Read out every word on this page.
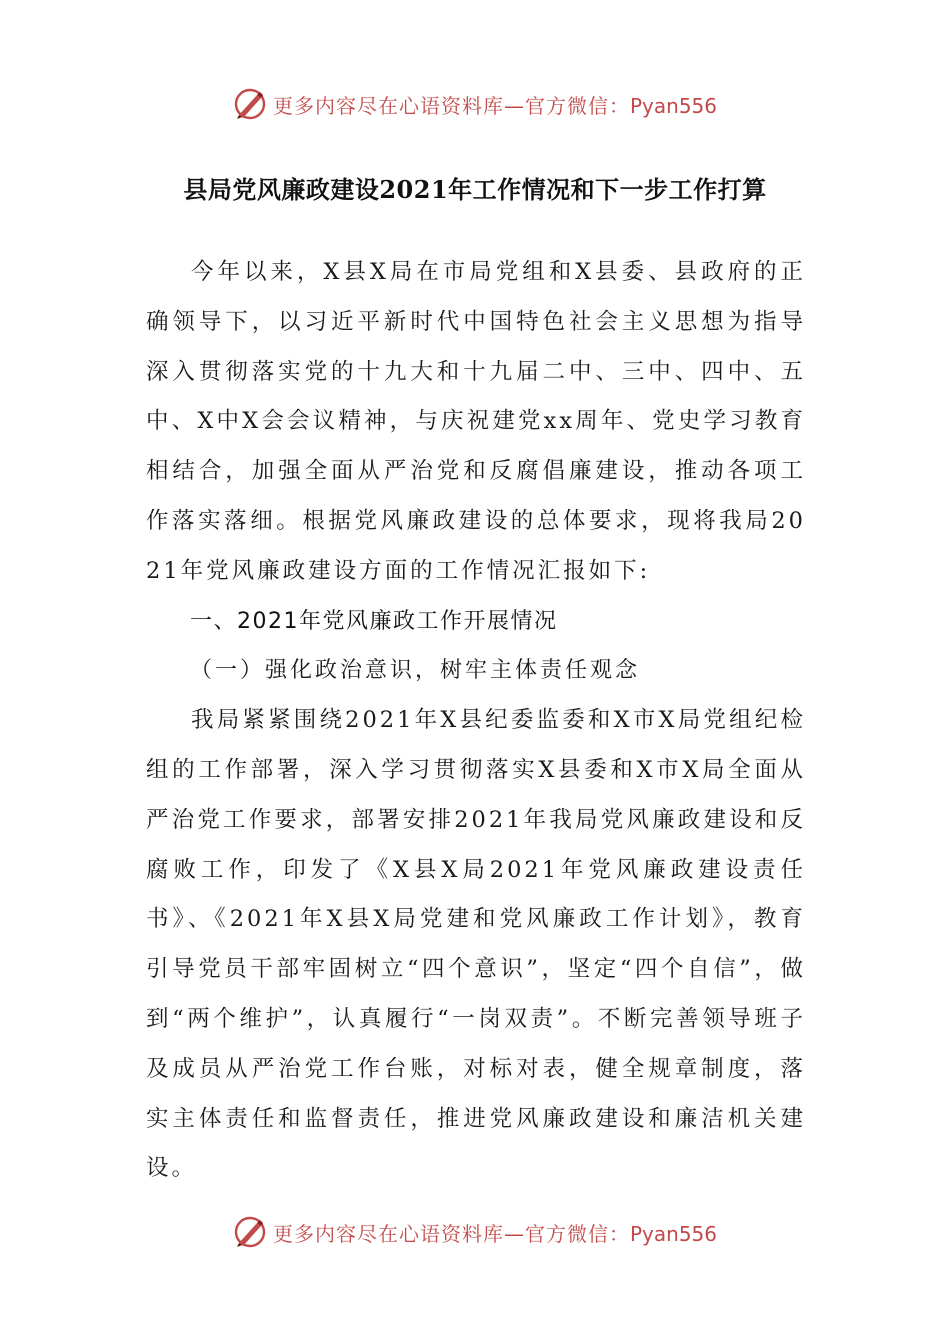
更多内容尽在心语资料库—官方微信：Pyan556
县局党风廉政建设2021年工作情况和下一步工作打算

今年以来，X县X局在市局党组和X县委、县政府的正确领导下，以习近平新时代中国特色社会主义思想为指导深入贯彻落实党的十九大和十九届二中、三中、四中、五中、X中X会会议精神，与庆祝建党xx周年、党史学习教育相结合，加强全面从严治党和反腐倡廉建设，推动各项工作落实落细。根据党风廉政建设的总体要求，现将我局2021年党风廉政建设方面的工作情况汇报如下:

一、2021年党风廉政工作开展情况

（一）强化政治意识，树牢主体责任观念

我局紧紧围绕2021年X县纪委监委和X市X局党组纪检组的工作部署，深入学习贯彻落实X县委和X市X局全面从严治党工作要求，部署安排2021年我局党风廉政建设和反腐败工作，印发了《X县X局2021年党风廉政建设责任书》、《2021年X县X局党建和党风廉政工作计划》，教育引导党员干部牢固树立“四个意识”，坚定“四个自信”，做到“两个维护”，认真履行“一岗双责”。不断完善领导班子及成员从严治党工作台账，对标对表，健全规章制度，落实主体责任和监督责任，推进党风廉政建设和廉洁机关建设。

更多内容尽在心语资料库—官方微信：Pyan556
